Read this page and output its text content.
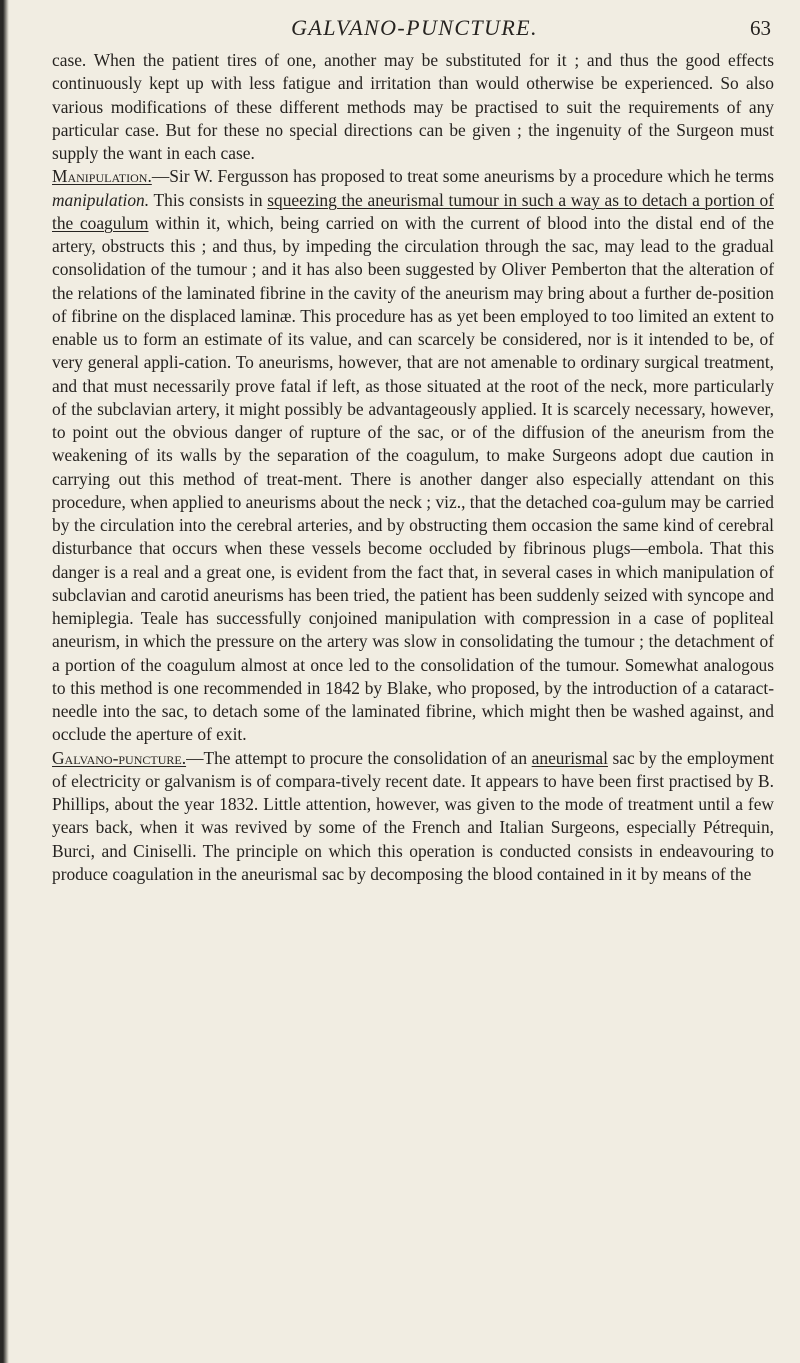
GALVANO-PUNCTURE.	63

case. When the patient tires of one, another may be substituted for it ; and thus the good effects continuously kept up with less fatigue and irritation than would otherwise be experienced. So also various modifications of these different methods may be practised to suit the requirements of any particular case. But for these no special directions can be given ; the ingenuity of the Surgeon must supply the want in each case.

Manipulation.—Sir W. Fergusson has proposed to treat some aneurisms by a procedure which he terms manipulation. This consists in squeezing the aneurismal tumour in such a way as to detach a portion of the coagulum within it, which, being carried on with the current of blood into the distal end of the artery, obstructs this ; and thus, by impeding the circulation through the sac, may lead to the gradual consolidation of the tumour ; and it has also been suggested by Oliver Pemberton that the alteration of the relations of the laminated fibrine in the cavity of the aneurism may bring about a further de-position of fibrine on the displaced laminæ. This procedure has as yet been employed to too limited an extent to enable us to form an estimate of its value, and can scarcely be considered, nor is it intended to be, of very general appli-cation. To aneurisms, however, that are not amenable to ordinary surgical treatment, and that must necessarily prove fatal if left, as those situated at the root of the neck, more particularly of the subclavian artery, it might possibly be advantageously applied. It is scarcely necessary, however, to point out the obvious danger of rupture of the sac, or of the diffusion of the aneurism from the weakening of its walls by the separation of the coagulum, to make Surgeons adopt due caution in carrying out this method of treat-ment. There is another danger also especially attendant on this procedure, when applied to aneurisms about the neck ; viz., that the detached coa-gulum may be carried by the circulation into the cerebral arteries, and by obstructing them occasion the same kind of cerebral disturbance that occurs when these vessels become occluded by fibrinous plugs—embola. That this danger is a real and a great one, is evident from the fact that, in several cases in which manipulation of subclavian and carotid aneurisms has been tried, the patient has been suddenly seized with syncope and hemiplegia. Teale has successfully conjoined manipulation with compression in a case of popliteal aneurism, in which the pressure on the artery was slow in consolidating the tumour ; the detachment of a portion of the coagulum almost at once led to the consolidation of the tumour. Somewhat analogous to this method is one recommended in 1842 by Blake, who proposed, by the introduction of a cataract-needle into the sac, to detach some of the laminated fibrine, which might then be washed against, and occlude the aperture of exit.

Galvano-puncture.—The attempt to procure the consolidation of an aneurismal sac by the employment of electricity or galvanism is of compara-tively recent date. It appears to have been first practised by B. Phillips, about the year 1832. Little attention, however, was given to the mode of treatment until a few years back, when it was revived by some of the French and Italian Surgeons, especially Pétrequin, Burci, and Ciniselli. The principle on which this operation is conducted consists in endeavouring to produce coagulation in the aneurismal sac by decomposing the blood contained in it by means of the
